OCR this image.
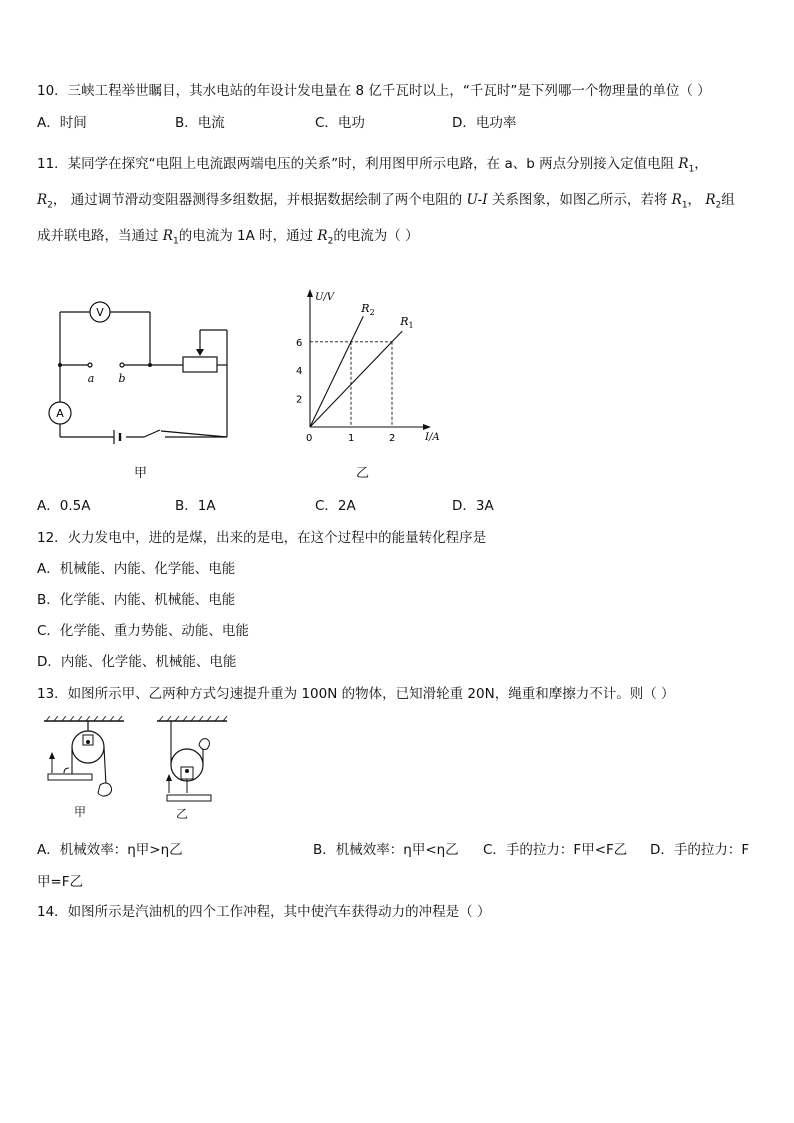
10．三峡工程举世瞩目，其水电站的年设计发电量在 8 亿千瓦时以上，“千瓦时”是下列哪一个物理量的单位（ ）
A．时间	B．电流	C．电功	D．电功率
11．某同学在探究“电阻上电流跟两端电压的关系”时，利用图甲所示电路，在 a、b 两点分别接入定值电阻 $R_1$，
$R_2$， 通过调节滑动变阻器测得多组数据，并根据数据绘制了两个电阻的 U-I 关系图象，如图乙所示，若将 $R_1$， $R_2$组
成并联电路，当通过 $R_1$的电流为 1A 时，通过 $R_2$的电流为（ ）
V
A
a b
甲
U/V
I/A
0
2
4
6
1	2
$R_2$
$R_1$
乙
A．0.5A	B．1A	C．2A	D．3A
12．火力发电中，进的是煤，出来的是电，在这个过程中的能量转化程序是
A．机械能、内能、化学能、电能
B．化学能、内能、机械能、电能
C．化学能、重力势能、动能、电能
D．内能、化学能、机械能、电能
13．如图所示甲、乙两种方式匀速提升重为 100N 的物体，已知滑轮重 20N，绳重和摩擦力不计。则（ ）
甲	乙
A．机械效率：η甲>η乙	B．机械效率：η甲<η乙 C．手的拉力：F甲<F乙 D．手的拉力：F
甲=F乙
14．如图所示是汽油机的四个工作冲程，其中使汽车获得动力的冲程是（ ）
